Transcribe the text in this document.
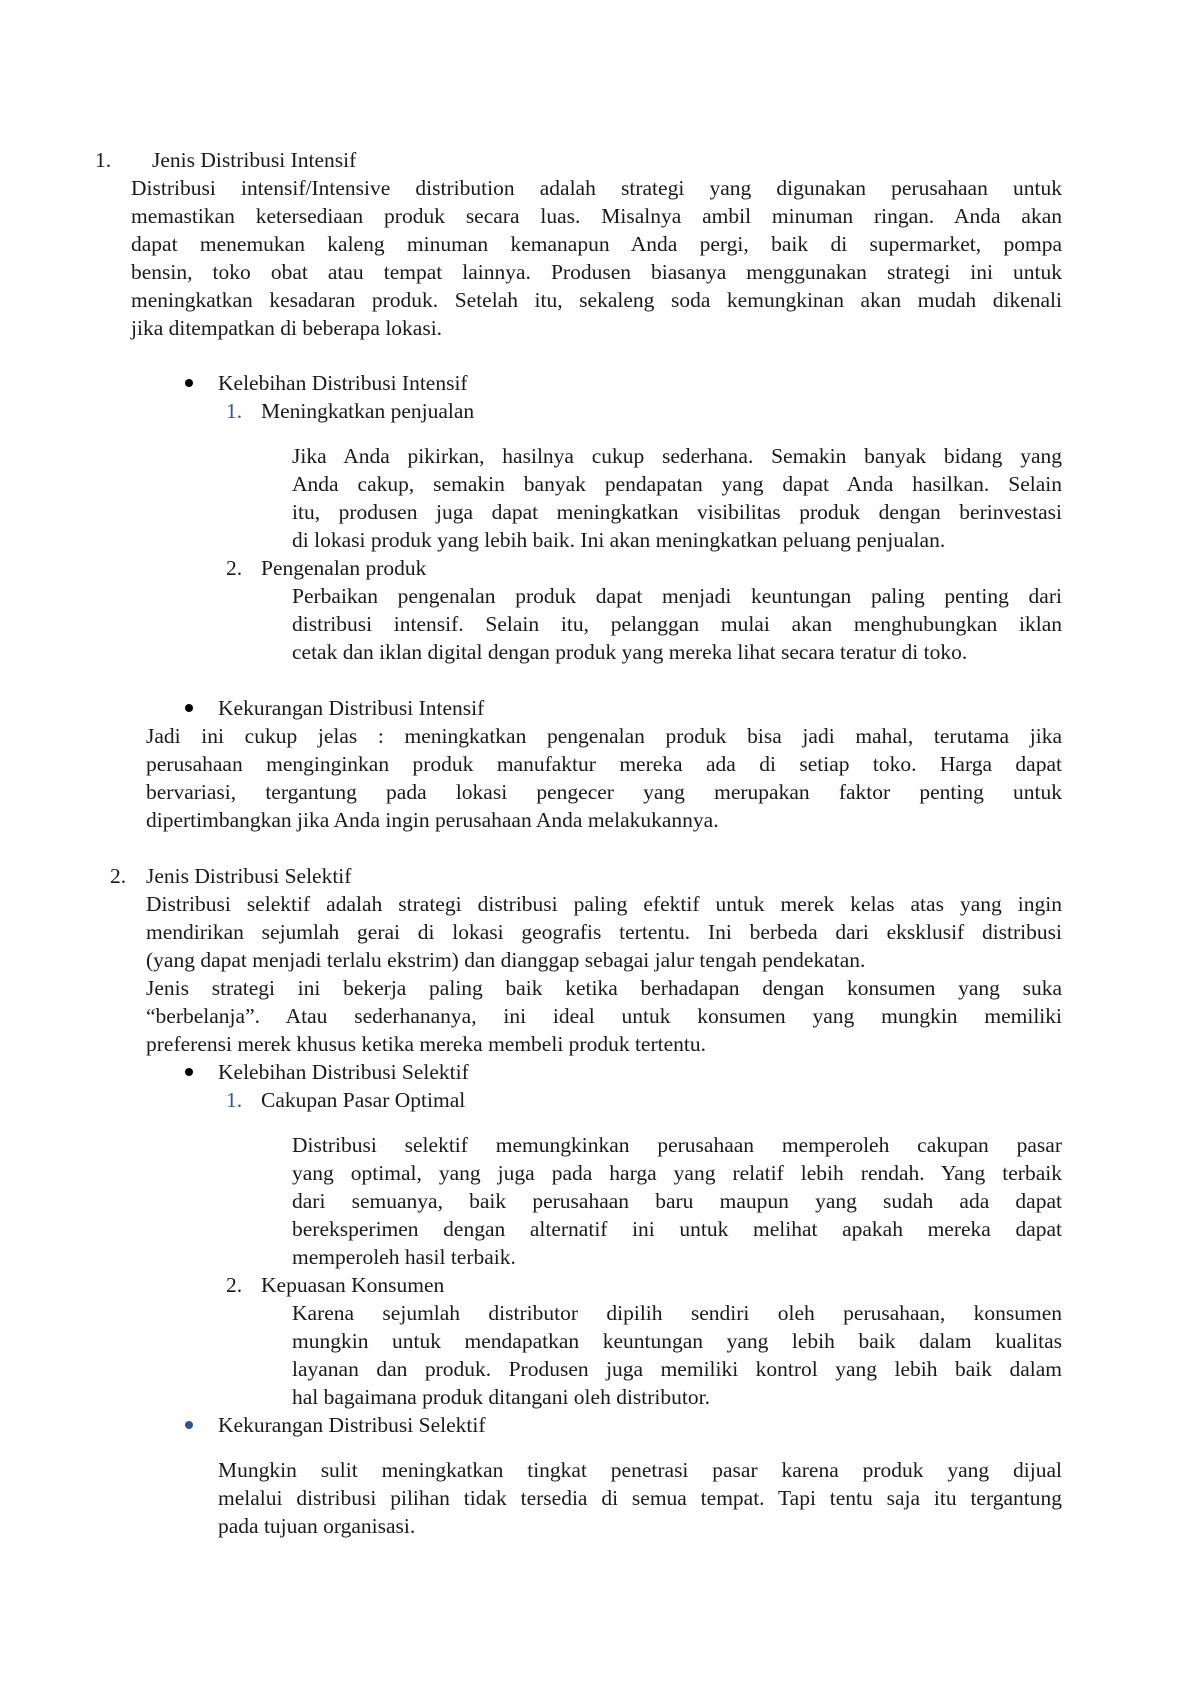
1. Jenis Distribusi Intensif
Distribusi intensif/Intensive distribution adalah strategi yang digunakan perusahaan untuk
memastikan ketersediaan produk secara luas. Misalnya ambil minuman ringan. Anda akan
dapat menemukan kaleng minuman kemanapun Anda pergi, baik di supermarket, pompa
bensin, toko obat atau tempat lainnya. Produsen biasanya menggunakan strategi ini untuk
meningkatkan kesadaran produk. Setelah itu, sekaleng soda kemungkinan akan mudah dikenali
jika ditempatkan di beberapa lokasi.
Kelebihan Distribusi Intensif
1. Meningkatkan penjualan
Jika Anda pikirkan, hasilnya cukup sederhana. Semakin banyak bidang yang
Anda cakup, semakin banyak pendapatan yang dapat Anda hasilkan. Selain
itu, produsen juga dapat meningkatkan visibilitas produk dengan berinvestasi
di lokasi produk yang lebih baik. Ini akan meningkatkan peluang penjualan.
2. Pengenalan produk
Perbaikan pengenalan produk dapat menjadi keuntungan paling penting dari
distribusi intensif. Selain itu, pelanggan mulai akan menghubungkan iklan
cetak dan iklan digital dengan produk yang mereka lihat secara teratur di toko.
Kekurangan Distribusi Intensif
Jadi ini cukup jelas : meningkatkan pengenalan produk bisa jadi mahal, terutama jika
perusahaan menginginkan produk manufaktur mereka ada di setiap toko. Harga dapat
bervariasi, tergantung pada lokasi pengecer yang merupakan faktor penting untuk
dipertimbangkan jika Anda ingin perusahaan Anda melakukannya.
2. Jenis Distribusi Selektif
Distribusi selektif adalah strategi distribusi paling efektif untuk merek kelas atas yang ingin
mendirikan sejumlah gerai di lokasi geografis tertentu. Ini berbeda dari eksklusif distribusi
(yang dapat menjadi terlalu ekstrim) dan dianggap sebagai jalur tengah pendekatan.
Jenis strategi ini bekerja paling baik ketika berhadapan dengan konsumen yang suka
“berbelanja”. Atau sederhananya, ini ideal untuk konsumen yang mungkin memiliki
preferensi merek khusus ketika mereka membeli produk tertentu.
Kelebihan Distribusi Selektif
1. Cakupan Pasar Optimal
Distribusi selektif memungkinkan perusahaan memperoleh cakupan pasar
yang optimal, yang juga pada harga yang relatif lebih rendah. Yang terbaik
dari semuanya, baik perusahaan baru maupun yang sudah ada dapat
bereksperimen dengan alternatif ini untuk melihat apakah mereka dapat
memperoleh hasil terbaik.
2. Kepuasan Konsumen
Karena sejumlah distributor dipilih sendiri oleh perusahaan, konsumen
mungkin untuk mendapatkan keuntungan yang lebih baik dalam kualitas
layanan dan produk. Produsen juga memiliki kontrol yang lebih baik dalam
hal bagaimana produk ditangani oleh distributor.
Kekurangan Distribusi Selektif
Mungkin sulit meningkatkan tingkat penetrasi pasar karena produk yang dijual
melalui distribusi pilihan tidak tersedia di semua tempat. Tapi tentu saja itu tergantung
pada tujuan organisasi.
